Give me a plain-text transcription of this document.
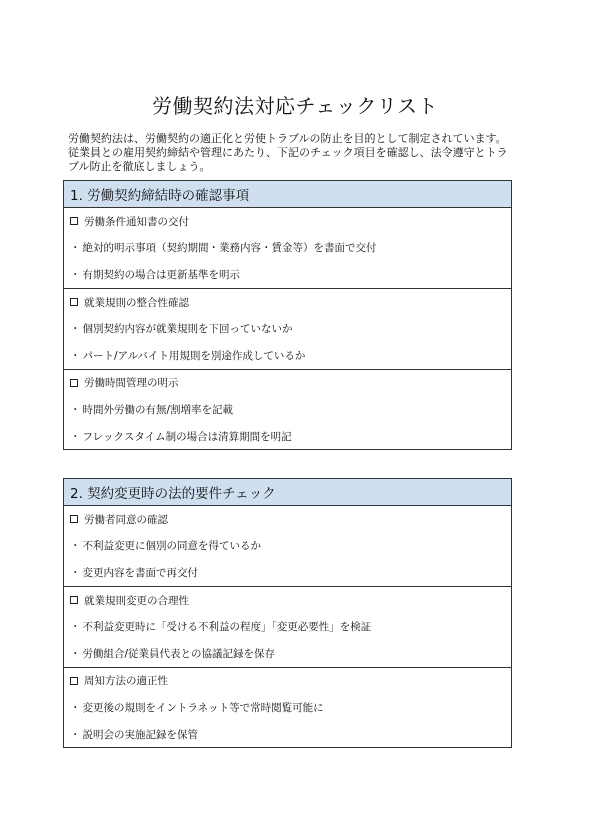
労働契約法対応チェックリスト

労働契約法は、労働契約の適正化と労使トラブルの防止を目的として制定されています。
従業員との雇用契約締結や管理にあたり、下記のチェック項目を確認し、法令遵守とトラ
ブル防止を徹底しましょう。

1. 労働契約締結時の確認事項
労働条件通知書の交付
・ 絶対的明示事項（契約期間・業務内容・賃金等）を書面で交付
・ 有期契約の場合は更新基準を明示
就業規則の整合性確認
・ 個別契約内容が就業規則を下回っていないか
・ パート/アルバイト用規則を別途作成しているか
労働時間管理の明示
・ 時間外労働の有無/割増率を記載
・ フレックスタイム制の場合は清算期間を明記
2. 契約変更時の法的要件チェック
労働者同意の確認
・ 不利益変更に個別の同意を得ているか
・ 変更内容を書面で再交付
就業規則変更の合理性
・ 不利益変更時に「受ける不利益の程度」「変更必要性」を検証
・ 労働組合/従業員代表との協議記録を保存
周知方法の適正性
・ 変更後の規則をイントラネット等で常時閲覧可能に
・ 説明会の実施記録を保管
